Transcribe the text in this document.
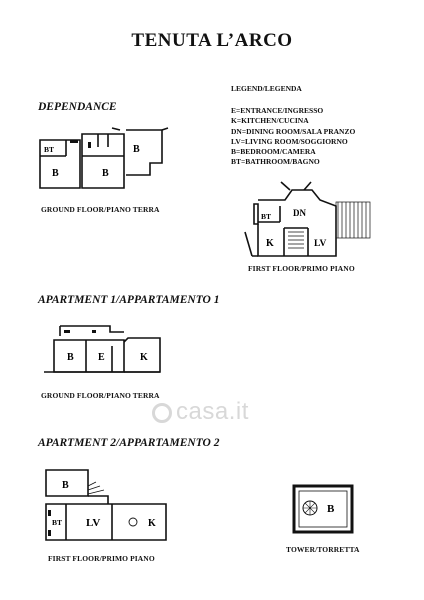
TENUTA L’ARCO
LEGEND/LEGENDA
E=ENTRANCE/INGRESSO
K=KITCHEN/CUCINA
DN=DINING ROOM/SALA PRANZO
LV=LIVING ROOM/SOGGIORNO
B=BEDROOM/CAMERA
BT=BATHROOM/BAGNO
DEPENDANCE
BT
B	B
B
GROUND FLOOR/PIANO TERRA
BT DN
K	LV
FIRST FLOOR/PRIMO PIANO
APARTMENT 1/APPARTAMENTO 1
B E	K
GROUND FLOOR/PIANO TERRA
casa.it
APARTMENT 2/APPARTAMENTO 2
B
BT LV	K
FIRST FLOOR/PRIMO PIANO
B
TOWER/TORRETTA
